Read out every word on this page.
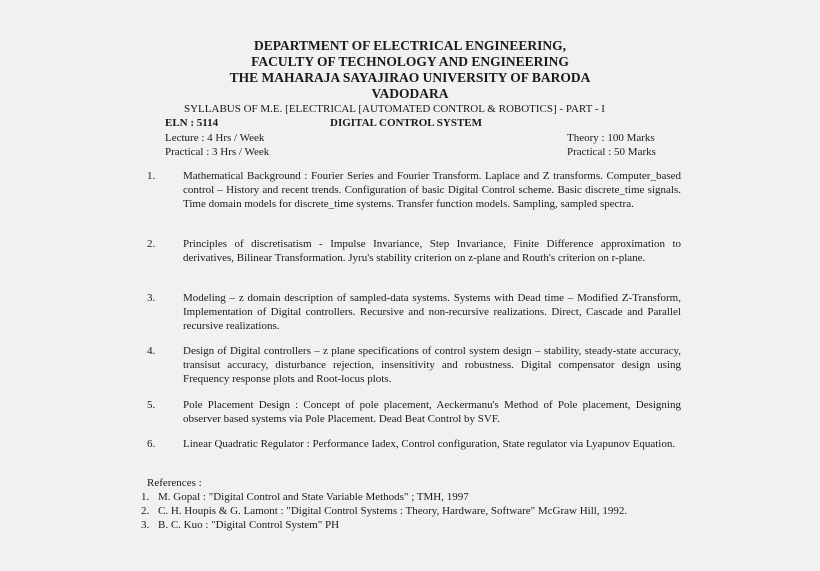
DEPARTMENT OF ELECTRICAL ENGINEERING,
FACULTY OF TECHNOLOGY AND ENGINEERING
THE MAHARAJA SAYAJIRAO UNIVERSITY OF BARODA
VADODARA
SYLLABUS OF M.E. [ELECTRICAL [AUTOMATED CONTROL & ROBOTICS] - PART - I
ELN : 5114	DIGITAL CONTROL SYSTEM
Lecture : 4 Hrs / Week	Theory : 100 Marks
Practical : 3 Hrs / Week	Practical : 50 Marks
1.	Mathematical Background : Fourier Series and Fourier Transform. Laplace and Z transforms. Computer_based control – History and recent trends. Configuration of basic Digital Control scheme. Basic discrete_time signals. Time domain models for discrete_time systems. Transfer function models. Sampling, sampled spectra.
2.	Principles of discretisatism - Impulse Invariance, Step Invariance, Finite Difference approximation to derivatives, Bilinear Transformation. Jyru's stability criterion on z-plane and Routh's criterion on r-plane.
3.	Modeling – z domain description of sampled-data systems. Systems with Dead time – Modified Z-Transform, Implementation of Digital controllers. Recursive and non-recursive realizations. Direct, Cascade and Parallel recursive realizations.
4.	Design of Digital controllers – z plane specifications of control system design – stability, steady-state accuracy, transisut accuracy, disturbance rejection, insensitivity and robustness. Digital compensator design using Frequency response plots and Root-locus plots.
5.	Pole Placement Design : Concept of pole placement, Aeckermanu's Method of Pole placement, Designing observer based systems via Pole Placement. Dead Beat Control by SVF.
6.	Linear Quadratic Regulator : Performance Iadex, Control configuration, State regulator via Lyapunov Equation.
References :
1. M. Gopal : "Digital Control and State Variable Methods" ; TMH, 1997
2. C. H. Houpis & G. Lamont : "Digital Control Systems : Theory, Hardware, Software" McGraw Hill, 1992.
3. B. C. Kuo : "Digital Control System" PH
